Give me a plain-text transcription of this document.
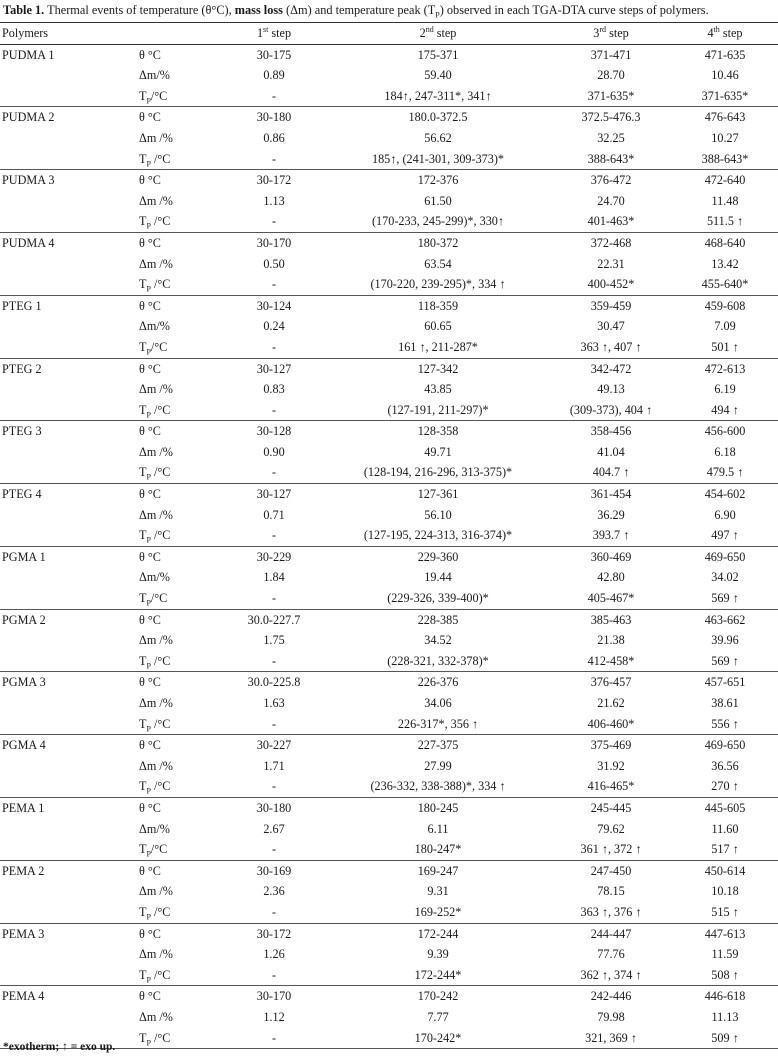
Table 1. Thermal events of temperature (θ°C), mass loss (Δm) and temperature peak $(T_P)$ observed in each TGA-DTA curve steps of polymers.
Polymers		1st step	2nd step	3rd step	4th step
PUDMA 1	θ °C	30-175	175-371	371-471	471-635
	Δm/%	0.89	59.40	28.70	10.46
	$T_P/^\circ C$	-	184↑, 247-311*, 341↑	371-635*	371-635*
PUDMA 2	θ °C	30-180	180.0-372.5	372.5-476.3	476-643
	Δm /%	0.86	56.62	32.25	10.27
	$T_P$ /°C	-	185↑, (241-301, 309-373)*	388-643*	388-643*
PUDMA 3	θ °C	30-172	172-376	376-472	472-640
	Δm /%	1.13	61.50	24.70	11.48
	$T_P$ /°C	-	(170-233, 245-299)*, 330↑	401-463*	511.5 ↑
PUDMA 4	θ °C	30-170	180-372	372-468	468-640
	Δm /%	0.50	63.54	22.31	13.42
	$T_P$ /°C	-	(170-220, 239-295)*, 334 ↑	400-452*	455-640*
PTEG 1	θ °C	30-124	118-359	359-459	459-608
	Δm/%	0.24	60.65	30.47	7.09
	$T_P/^\circ C$	-	161 ↑, 211-287*	363 ↑, 407 ↑	501 ↑
PTEG 2	θ °C	30-127	127-342	342-472	472-613
	Δm /%	0.83	43.85	49.13	6.19
	$T_P$ /°C	-	(127-191, 211-297)*	(309-373), 404 ↑	494 ↑
PTEG 3	θ °C	30-128	128-358	358-456	456-600
	Δm /%	0.90	49.71	41.04	6.18
	$T_P$ /°C	-	(128-194, 216-296, 313-375)*	404.7 ↑	479.5 ↑
PTEG 4	θ °C	30-127	127-361	361-454	454-602
	Δm /%	0.71	56.10	36.29	6.90
	$T_P$ /°C	-	(127-195, 224-313, 316-374)*	393.7 ↑	497 ↑
PGMA 1	θ °C	30-229	229-360	360-469	469-650
	Δm/%	1.84	19.44	42.80	34.02
	$T_P/^\circ C$	-	(229-326, 339-400)*	405-467*	569 ↑
PGMA 2	θ °C	30.0-227.7	228-385	385-463	463-662
	Δm /%	1.75	34.52	21.38	39.96
	$T_P$ /°C	-	(228-321, 332-378)*	412-458*	569 ↑
PGMA 3	θ °C	30.0-225.8	226-376	376-457	457-651
	Δm /%	1.63	34.06	21.62	38.61
	$T_P$ /°C	-	226-317*, 356 ↑	406-460*	556 ↑
PGMA 4	θ °C	30-227	227-375	375-469	469-650
	Δm /%	1.71	27.99	31.92	36.56
	$T_P$ /°C	-	(236-332, 338-388)*, 334 ↑	416-465*	270 ↑
PEMA 1	θ °C	30-180	180-245	245-445	445-605
	Δm/%	2.67	6.11	79.62	11.60
	$T_P/^\circ C$	-	180-247*	361 ↑, 372 ↑	517 ↑
PEMA 2	θ °C	30-169	169-247	247-450	450-614
	Δm /%	2.36	9.31	78.15	10.18
	$T_P$ /°C	-	169-252*	363 ↑, 376 ↑	515 ↑
PEMA 3	θ °C	30-172	172-244	244-447	447-613
	Δm /%	1.26	9.39	77.76	11.59
	$T_P$ /°C	-	172-244*	362 ↑, 374 ↑	508 ↑
PEMA 4	θ °C	30-170	170-242	242-446	446-618
	Δm /%	1.12	7.77	79.98	11.13
	$T_P$ /°C	-	170-242*	321, 369 ↑	509 ↑
*exotherm; ↑ = exo up.
